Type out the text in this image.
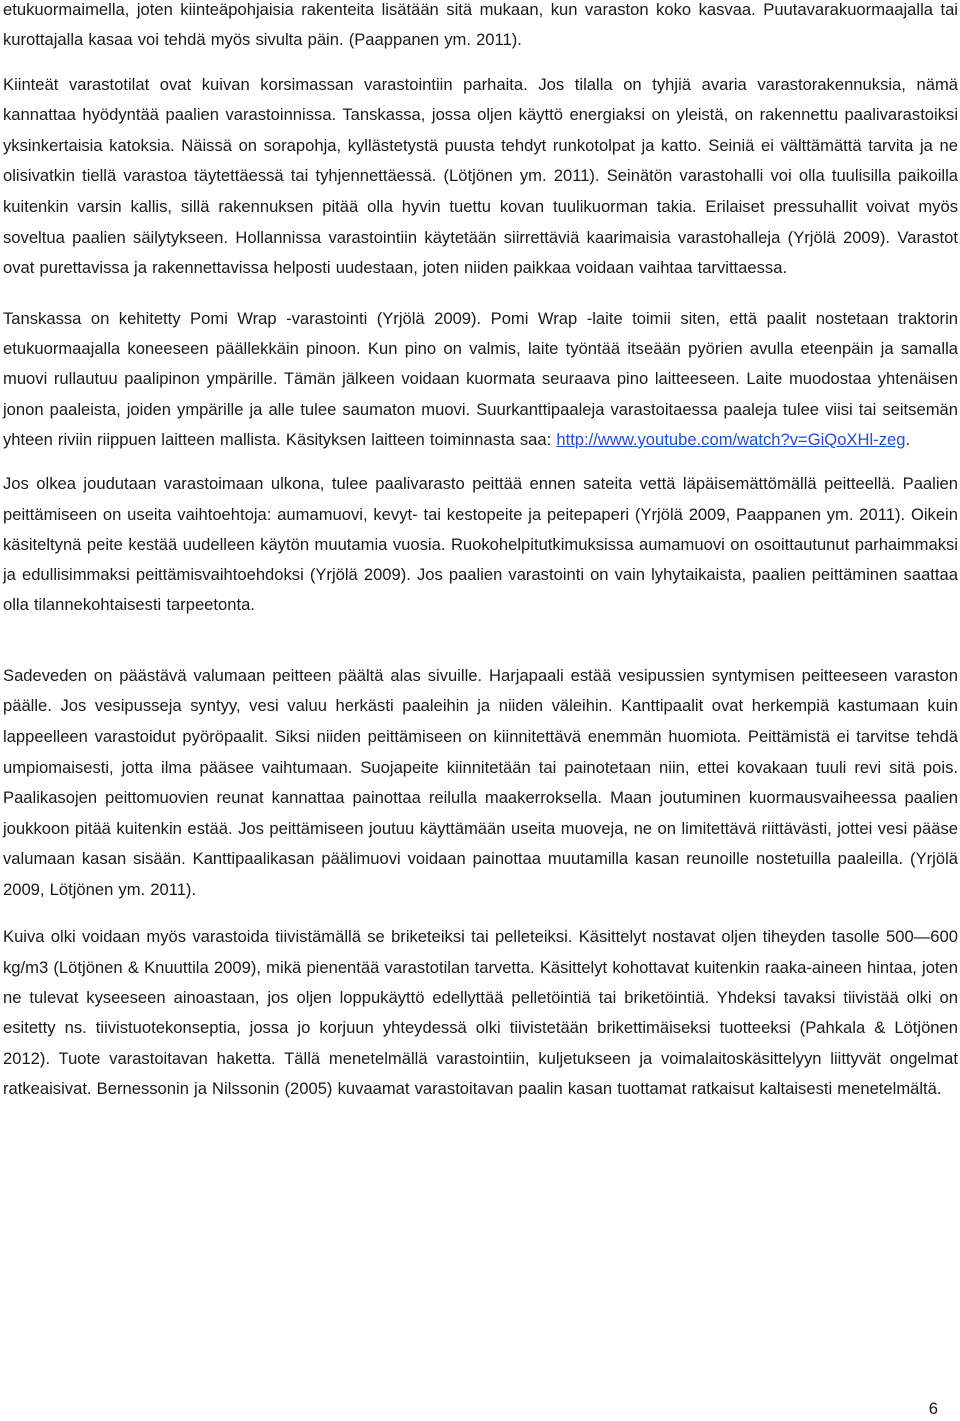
etukuormaimella, joten kiinteäpohjaisia rakenteita lisätään sitä mukaan, kun varaston koko kasvaa. Puutavarakuormaajalla tai kurottajalla kasaa voi tehdä myös sivulta päin. (Paappanen ym. 2011).

Kiinteät varastotilat ovat kuivan korsimassan varastointiin parhaita. Jos tilalla on tyhjiä avaria varastorakennuksia, nämä kannattaa hyödyntää paalien varastoinnissa. Tanskassa, jossa oljen käyttö energiaksi on yleistä, on rakennettu paalivarastoiksi yksinkertaisia katoksia. Näissä on sorapohja, kyllästetystä puusta tehdyt runkotolpat ja katto. Seiniä ei välttämättä tarvita ja ne olisivatkin tiellä varastoa täytettäessä tai tyhjennettäessä. (Lötjönen ym. 2011). Seinätön varastohalli voi olla tuulisilla paikoilla kuitenkin varsin kallis, sillä rakennuksen pitää olla hyvin tuettu kovan tuulikuorman takia. Erilaiset pressuhallit voivat myös soveltua paalien säilytykseen. Hollannissa varastointiin käytetään siirrettäviä kaarimaisia varastohalleja (Yrjölä 2009). Varastot ovat purettavissa ja rakennettavissa helposti uudestaan, joten niiden paikkaa voidaan vaihtaa tarvittaessa.

Tanskassa on kehitetty Pomi Wrap -varastointi (Yrjölä 2009). Pomi Wrap -laite toimii siten, että paalit nostetaan traktorin etukuormaajalla koneeseen päällekkäin pinoon. Kun pino on valmis, laite työntää itseään pyörien avulla eteenpäin ja samalla muovi rullautuu paalipinon ympärille. Tämän jälkeen voidaan kuormata seuraava pino laitteeseen. Laite muodostaa yhtenäisen jonon paaleista, joiden ympärille ja alle tulee saumaton muovi. Suurkanttipaaleja varastoitaessa paaleja tulee viisi tai seitsemän yhteen riviin riippuen laitteen mallista. Käsityksen laitteen toiminnasta saa: http://www.youtube.com/watch?v=GiQoXHl-zeg.

Jos olkea joudutaan varastoimaan ulkona, tulee paalivarasto peittää ennen sateita vettä läpäisemättömällä peitteellä. Paalien peittämiseen on useita vaihtoehtoja: aumamuovi, kevyt- tai kestopeite ja peitepaperi (Yrjölä 2009, Paappanen ym. 2011). Oikein käsiteltynä peite kestää uudelleen käytön muutamia vuosia. Ruokohelpitutkimuksissa aumamuovi on osoittautunut parhaimmaksi ja edullisimmaksi peittämisvaihtoehdoksi (Yrjölä 2009). Jos paalien varastointi on vain lyhytaikaista, paalien peittäminen saattaa olla tilannekohtaisesti tarpeetonta.

Sadeveden on päästävä valumaan peitteen päältä alas sivuille. Harjapaali estää vesipussien syntymisen peitteeseen varaston päälle. Jos vesipusseja syntyy, vesi valuu herkästi paaleihin ja niiden väleihin. Kanttipaalit ovat herkempiä kastumaan kuin lappeelleen varastoidut pyöröpaalit. Siksi niiden peittämiseen on kiinnitettävä enemmän huomiota. Peittämistä ei tarvitse tehdä umpiomaisesti, jotta ilma pääsee vaihtumaan. Suojapeite kiinnitetään tai painotetaan niin, ettei kovakaan tuuli revi sitä pois. Paalikasojen peittomuovien reunat kannattaa painottaa reilulla maakerroksella. Maan joutuminen kuormausvaiheessa paalien joukkoon pitää kuitenkin estää. Jos peittämiseen joutuu käyttämään useita muoveja, ne on limitettävä riittävästi, jottei vesi pääse valumaan kasan sisään. Kanttipaalikasan päälimuovi voidaan painottaa muutamilla kasan reunoille nostetuilla paaleilla. (Yrjölä 2009, Lötjönen ym. 2011).

Kuiva olki voidaan myös varastoida tiivistämällä se briketeiksi tai pelleteiksi. Käsittelyt nostavat oljen tiheyden tasolle 500—600 kg/m3 (Lötjönen & Knuuttila 2009), mikä pienentää varastotilan tarvetta. Käsittelyt kohottavat kuitenkin raaka-aineen hintaa, joten ne tulevat kyseeseen ainoastaan, jos oljen loppukäyttö edellyttää pelletöintiä tai briketöintiä. Yhdeksi tavaksi tiivistää olki on esitetty ns. tiivistuotekonseptia, jossa jo korjuun yhteydessä olki tiivistetään brikettimäiseksi tuotteeksi (Pahkala & Lötjönen 2012). Tuote varastoitavan haketta. Tällä menetelmällä varastointiin, kuljetukseen ja voimalaitoskäsittelyyn liittyvät ongelmat ratkeaisivat. Bernessonin ja Nilssonin (2005) kuvaamat varastoitavan paalin kasan tuottamat ratkaisut kaltaisesti menetelmältä.

6
